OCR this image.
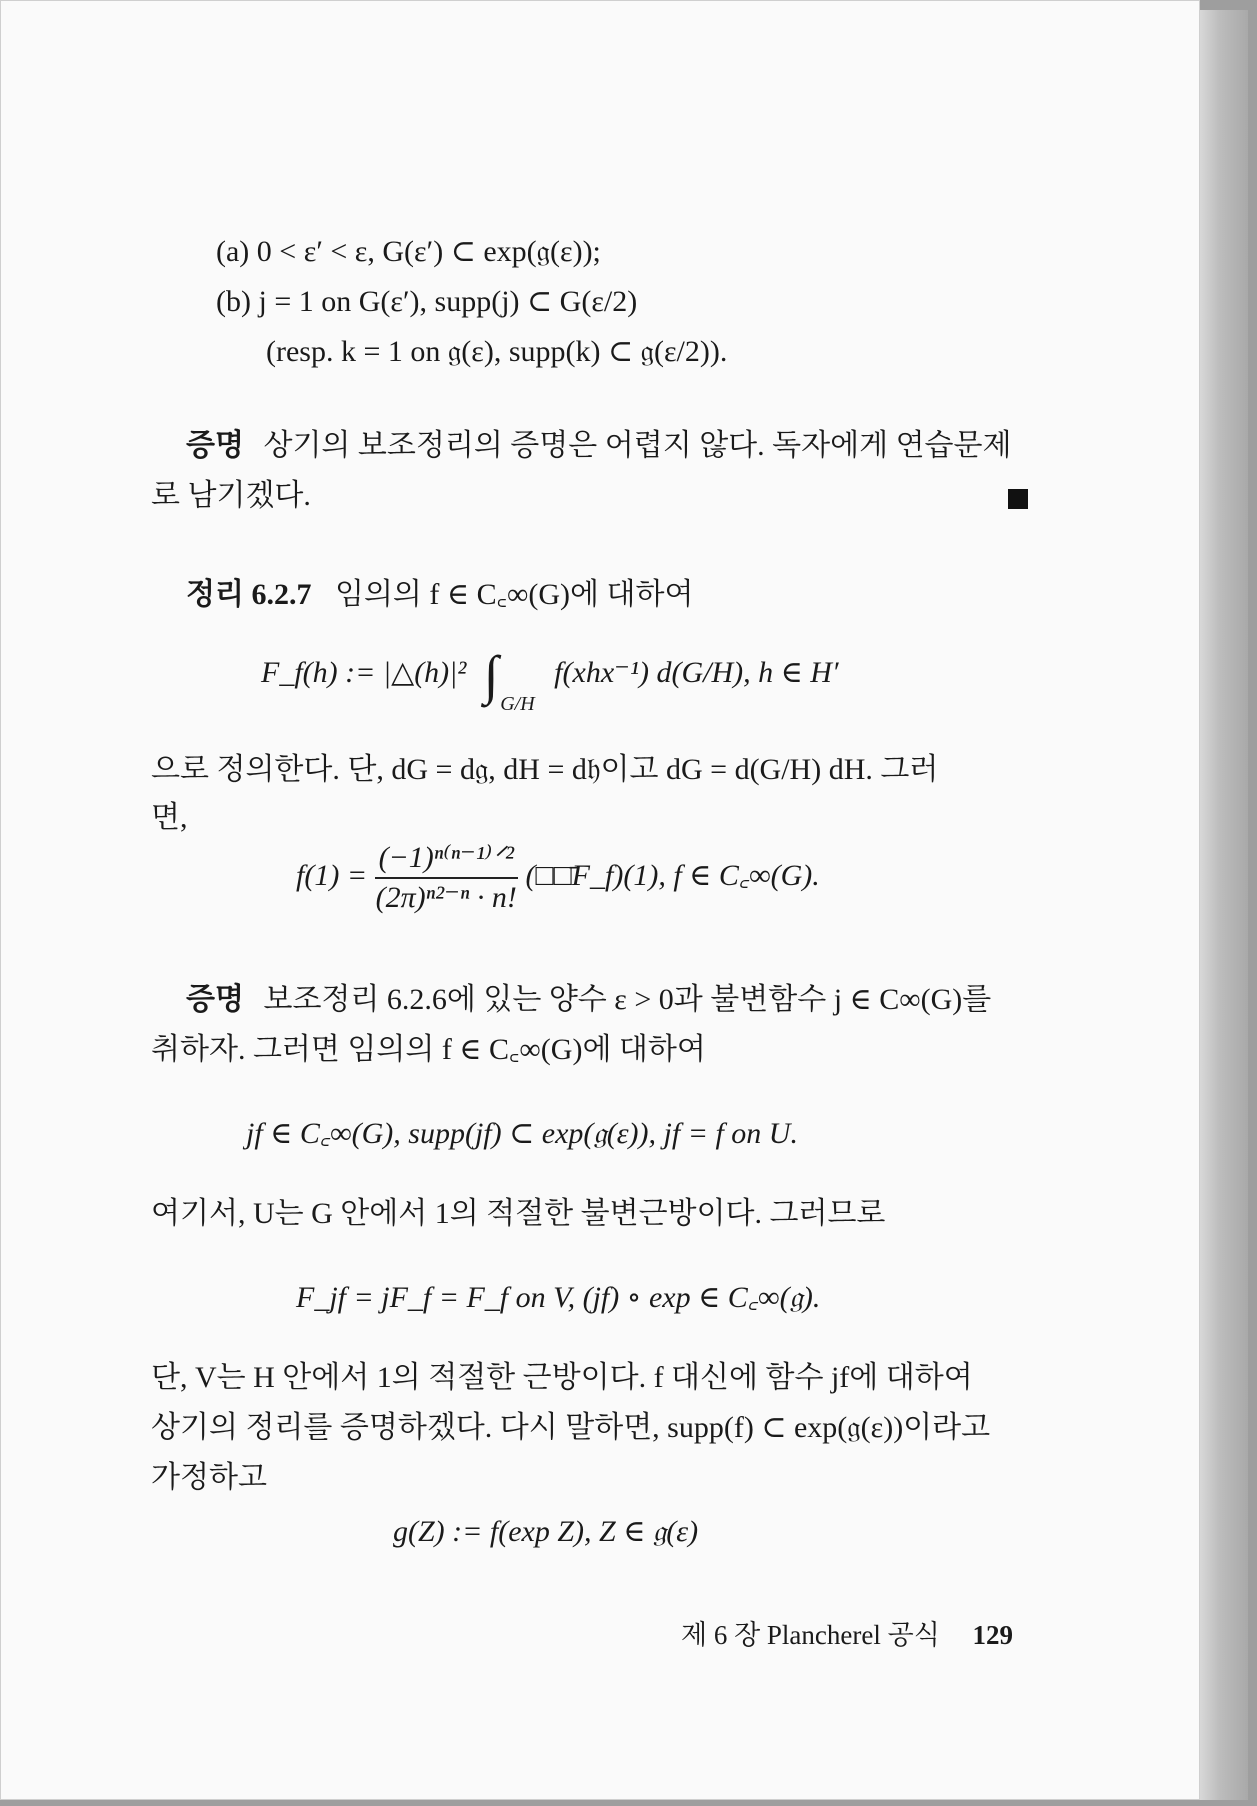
(a) 0 < ε′ < ε, G(ε′) ⊂ exp(𝔤(ε));
(b) j = 1 on G(ε′), supp(j) ⊂ G(ε/2)
(resp. k = 1 on 𝔤(ε), supp(k) ⊂ 𝔤(ε/2)).
증명 상기의 보조정리의 증명은 어렵지 않다. 독자에게 연습문제
로 남기겠다.
정리 6.2.7 임의의 f ∈ C꜀∞(G)에 대하여
F_f(h) := |△(h)|² ∫ $_{G/H}$ f(xhx⁻¹) d(G/H), h ∈ H′
으로 정의한다. 단, dG = d𝔤, dH = d𝔥이고 dG = d(G/H) dH. 그러
면,
$f(1) = \frac{\text{(−1)ⁿ⁽ⁿ⁻¹⁾ᐟ²}}{\text{(2π)ⁿ²⁻ⁿ · n!}}$ (□□̄F_f)(1), f ∈ C꜀∞(G).
증명 보조정리 6.2.6에 있는 양수 ε > 0과 불변함수 j ∈ C∞(G)를
취하자. 그러면 임의의 f ∈ C꜀∞(G)에 대하여
jf ∈ C꜀∞(G), supp(jf) ⊂ exp(𝔤(ε)), jf = f on U.
여기서, U는 G 안에서 1의 적절한 불변근방이다. 그러므로
F_jf = jF_f = F_f on V, (jf) ∘ exp ∈ C꜀∞(𝔤).
단, V는 H 안에서 1의 적절한 근방이다. f 대신에 함수 jf에 대하여
상기의 정리를 증명하겠다. 다시 말하면, supp(f) ⊂ exp(𝔤(ε))이라고
가정하고
g(Z) := f(exp Z), Z ∈ 𝔤(ε)
제 6 장 Plancherel 공식 129
